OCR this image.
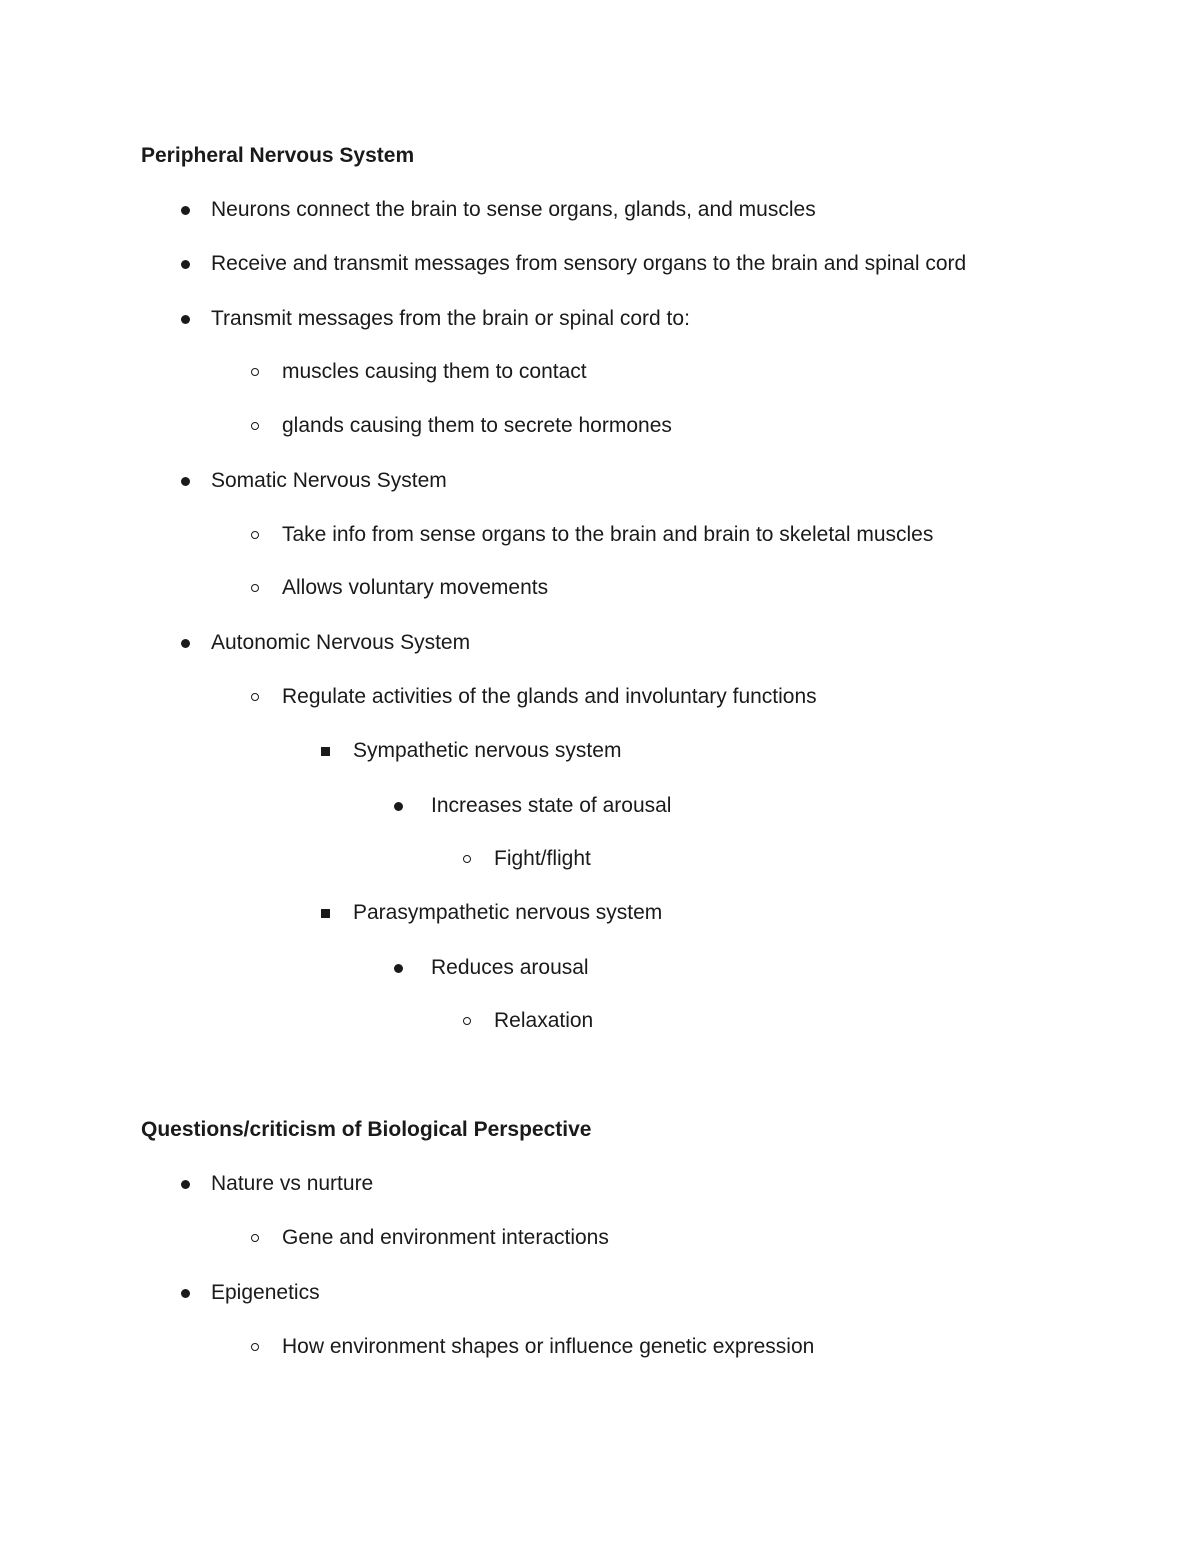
Peripheral Nervous System
Neurons connect the brain to sense organs, glands, and muscles
Receive and transmit messages from sensory organs to the brain and spinal cord
Transmit messages from the brain or spinal cord to:
muscles causing them to contact
glands causing them to secrete hormones
Somatic Nervous System
Take info from sense organs to the brain and brain to skeletal muscles
Allows voluntary movements
Autonomic Nervous System
Regulate activities of the glands and involuntary functions
Sympathetic nervous system
Increases state of arousal
Fight/flight
Parasympathetic nervous system
Reduces arousal
Relaxation
Questions/criticism of Biological Perspective
Nature vs nurture
Gene and environment interactions
Epigenetics
How environment shapes or influence genetic expression
